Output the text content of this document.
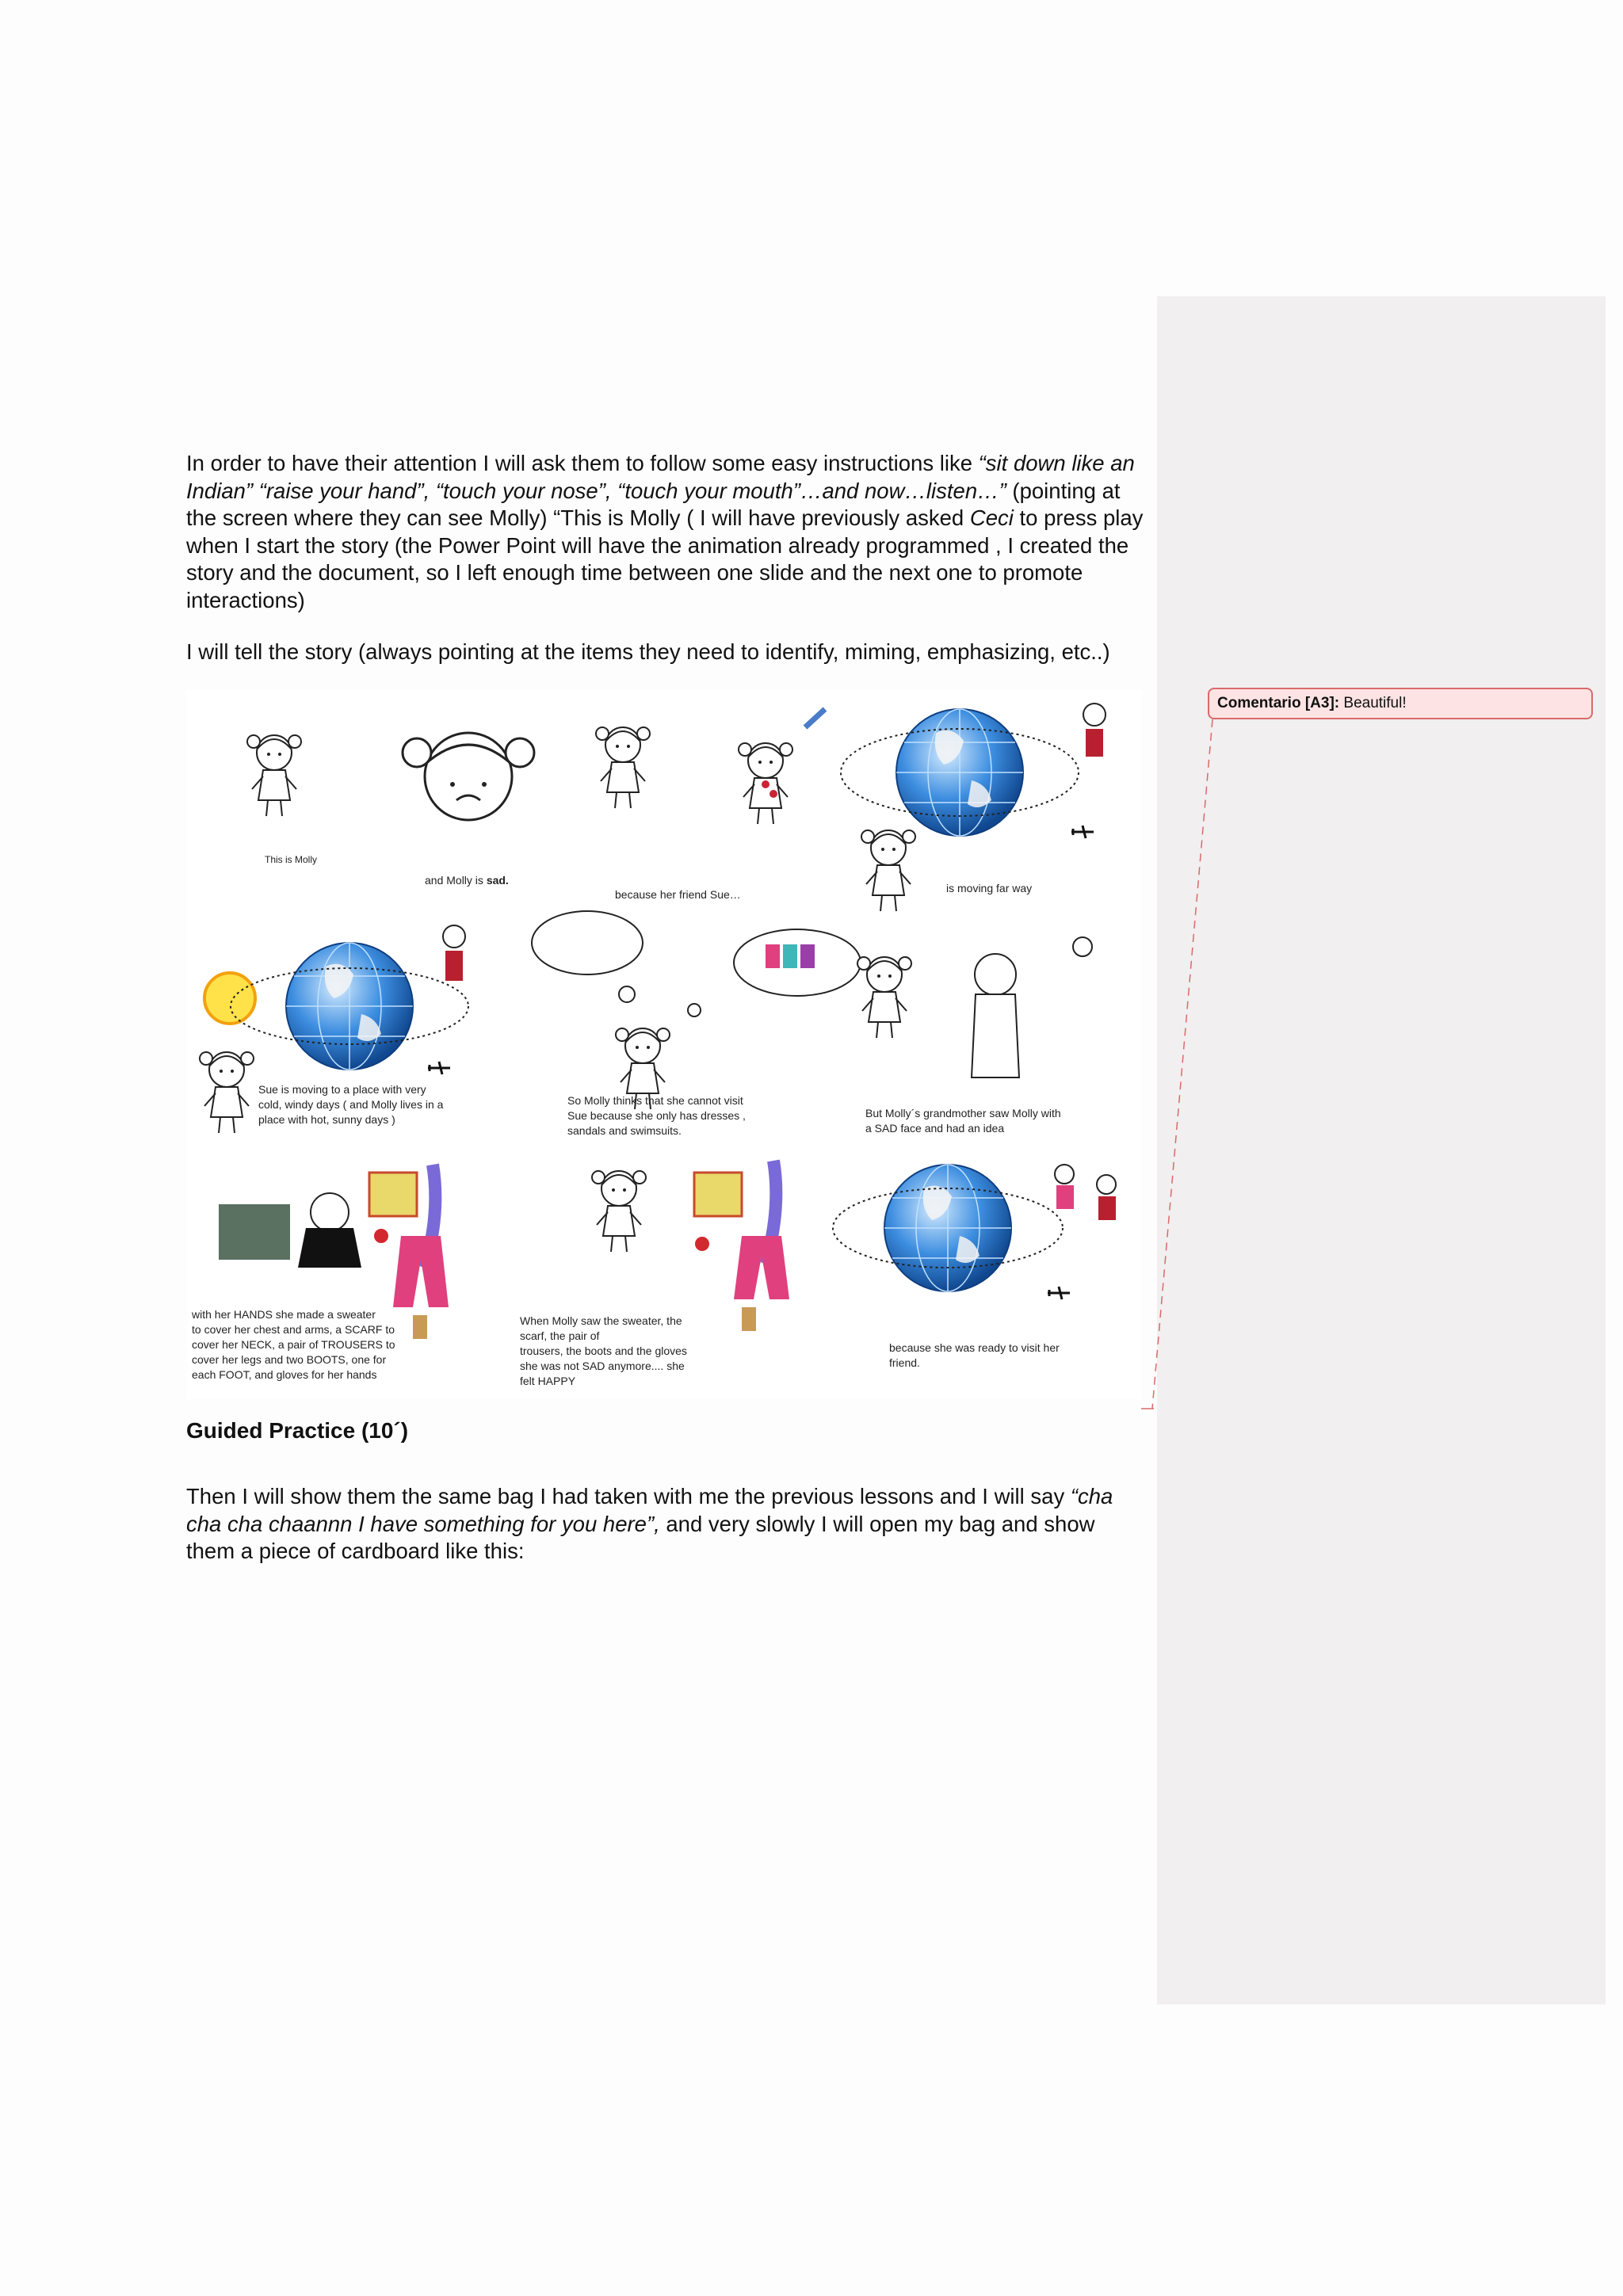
Comentario [A3]: Beautiful!

In order to have their attention I will ask them to follow some easy instructions like “sit down like an Indian” “raise your hand”, “touch your nose”, “touch your mouth”…and now…listen…” (pointing at the screen where they can see Molly) “This is Molly ( I will have previously asked Ceci to press play when I start the story (the Power Point will have the animation already programmed , I created the story and the document, so I left enough time between one slide and the next one to promote interactions)

I will tell the story (always pointing at the items they need to identify, miming, emphasizing, etc..)

This is Molly
and Molly is sad.
because her friend Sue…	is moving far way
Sue is moving to a place with very
cold, windy days ( and Molly lives in a
place with hot, sunny days )
So Molly thinks that she cannot visit
Sue because she only has dresses ,
sandals and swimsuits.
But Molly´s grandmother saw Molly with
a SAD face and had an idea
with her HANDS she made a sweater
to cover her chest and arms, a SCARF to
cover her NECK, a pair of TROUSERS to
cover her legs and two BOOTS, one for
each FOOT, and gloves for her hands
When Molly saw the sweater, the
scarf, the pair of
trousers, the boots and the gloves
she was not SAD anymore.... she
felt HAPPY
because she was ready to visit her
friend.

Guided Practice (10´)

Then I will show them the same bag I had taken with me the previous lessons and I will say “cha cha cha chaannn I have something for you here”, and very slowly I will open my bag and show them a piece of cardboard like this:
